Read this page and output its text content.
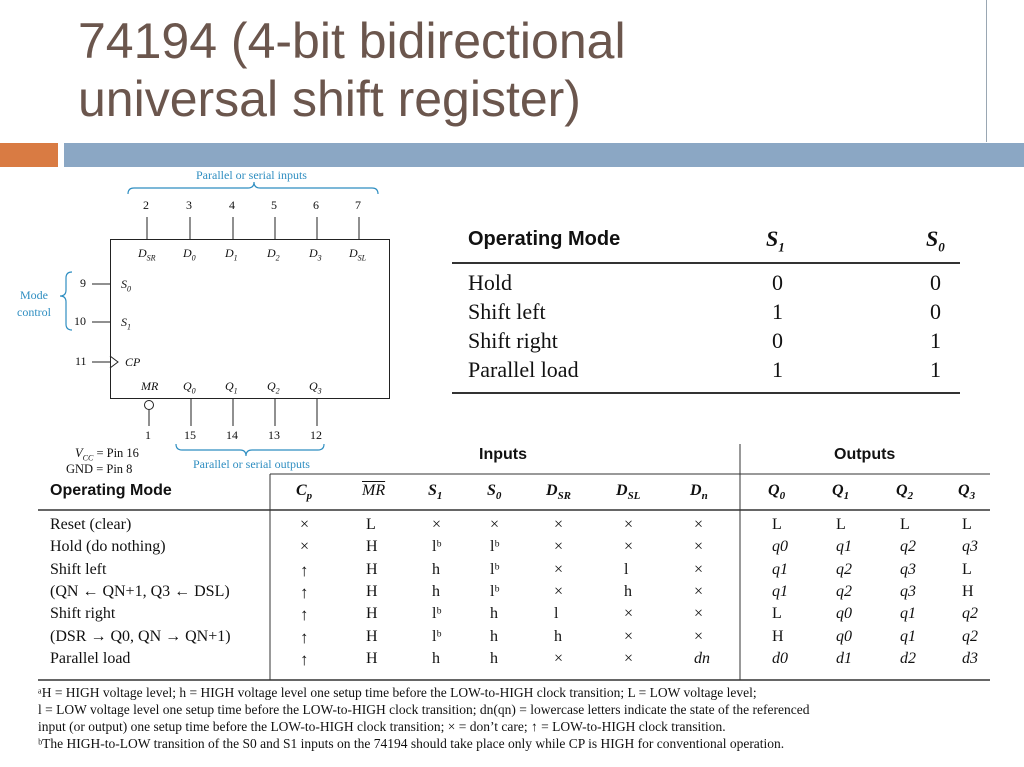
74194 (4-bit bidirectional
universal shift register)
Parallel or serial inputs
Parallel or serial outputs
Mode
control
2	3	4	5	6	7
9
10
11
1	15	14	13	12
$D_{SR}$ $D_0$ $D_1$ $D_2$ $D_3$ $D_{SL}$
$S_0$
$S_1$
CP
MR $Q_0$ $Q_1$ $Q_2$ $Q_3$
$V_{CC}$ = Pin 16
GND = Pin 8
Operating Mode	$S_1$	$S_0$
Hold	0	0
Shift left	1	0
Shift right	0	1
Parallel load	1	1
Inputs	Outputs
Operating Mode	$C_p$	$\overline{MR}$	$S_1$	$S_0$	$D_{SR}$	$D_{SL}$	$D_n$	$Q_0$	$Q_1$	$Q_2$	$Q_3$
Reset (clear)	×	L	×	×	×	×	×	L	L	L	L
Hold (do nothing)	×	H	lᵇ	lᵇ	×	×	×	q0	q1	q2	q3
Shift left	↑	H	h	lᵇ	×	l	×	q1	q2	q3	L
(QN ← QN+1, Q3 ← DSL)	↑	H	h	lᵇ	×	h	×	q1	q2	q3	H
Shift right	↑	H	lᵇ	h	l	×	×	L	q0	q1	q2
(DSR → Q0, QN → QN+1)	↑	H	lᵇ	h	h	×	×	H	q0	q1	q2
Parallel load	↑	H	h	h	×	×	dn	d0	d1	d2	d3
ᵃH = HIGH voltage level; h = HIGH voltage level one setup time before the LOW-to-HIGH clock transition; L = LOW voltage level;
l = LOW voltage level one setup time before the LOW-to-HIGH clock transition; dn(qn) = lowercase letters indicate the state of the referenced
input (or output) one setup time before the LOW-to-HIGH clock transition; × = don’t care; ↑ = LOW-to-HIGH clock transition.
ᵇThe HIGH-to-LOW transition of the S0 and S1 inputs on the 74194 should take place only while CP is HIGH for conventional operation.
